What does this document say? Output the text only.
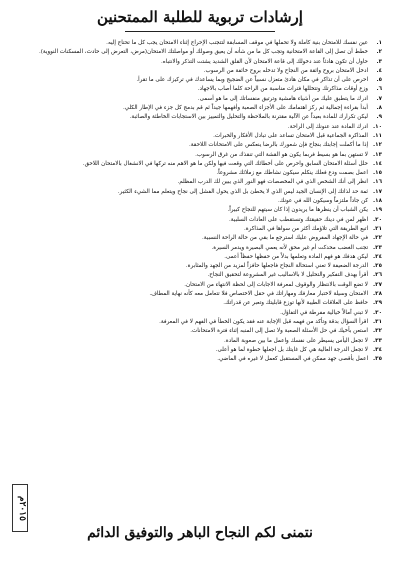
إرشادات تربوية للطلبة الممتحنين
١.
عين نفسك للامتحان بنية كاملة ولا تحملها في موقف المسابقة لتتجنب الإحراج إثناء الامتحان يجب كل ما تحتاج إليه.
٢.
خطط أن تصل إلى القاعة الامتحانية وتجب كل ما من شأنه أن يعيق وصولك أو مواصلتك الامتحان(مرض، التعرض إلى حادث، المسكنات النووية).
٣.
حاول أن تكون هادئاً عند دخولك إلى قاعة الامتحان لأن القلق الشديد يشتت التذكر والانتباه.
٤.
ادخل الامتحان بروح واثقة من النجاح ولا تدخله بروح خائفة من الرسوب.
٥.
احرص على أن تذاكر في مكان هادئ متعزل نسبياً عن الضجيج وبما يساعدك في تركيزك على ما تقرأ.
٦.
وزع أوقات مذاكرتك وتتخللها فترات مناسبة من الراحة كلما أصاب بالاجهاد.
٧.
ادرك ما يتطبق عليك من أشياء هامشية وترتيق منفساتك إلى ما هو أسمى.
٨.
أبدأ بقراءة إجمالية ثم ركز اهتمامك على الأجزاء الصعبة وأفهمها جيداً ثم قم بدمج كل جزء في الإطار الكلي.
٩.
ليكن تكرارك للمادة بعيداً عن الآلية مقترنة بالملاحظة والتحليل والتمييز بين الاستجابات الخاطئة والصائبة.
١٠.
ادرك المادة عند عنونك إلى الراحة.
١١.
المذاكرة الجماعية قبل الامتحان تساعد على تبادل الأفكار والخبرات.
١٢.
إذا ما أكملت إجابتك بنجاح فإن شعورك بالرضا ينعكس على الامتحانات اللاحقة.
١٣.
لا تستهن بما هو بسيط فربما يكون هو القشة التي تنقذك من غرق الرسوب.
١٤.
حلل أسئلة الامتحان السابق واحرص على أخطائك التي وقعت فيها ولكن ما هو الاهم منه تركها في الانشغال بالامتحان اللاحق.
١٥.
اعمل بصمت ودع فعلك ينكلم سيكون نشاطك مع زملائك مشروعاً.
١٦.
انظر إلى أنك الشخص الذي في المخصصات فهو النور الذي يبين لك الدرب المظلم.
١٧.
ثمة حد لذاتك إلى الإنسان الجيد ليس الذي لا يخطئ بل الذي يحول الفشل إلى نجاح ويتعلم مما الشيء الكثير.
١٨.
كن جاداً ملتزماً وسيكون الله في عونك.
١٩.
يكن الشباب أن ينظرها ما يريدون إذا كان سيتهم للنجاح كبيراً.
٢٠.
اظهر لمن في دينك حقيقتك وتستقطب على العادات السلبية.
٢١.
اتبع الطريقة التي تلاؤمك أكثر من سواها في المذاكرة.
٢٢.
في حالة الإجهاد المفروض عليك استرجع ما بقي من حالة الراحة النسبية.
٢٣.
تجنب الغضب محدكت أم غير محق لأنه يعمي البصيرة ويدمر السيرة.
٢٤.
ليكن هدفك هو فهم المادة وتعلمها بدلاً من حفظها حفظاً أعمى.
٢٥.
الدرجة الضعيفة لا تعني استحالة النجاح فاجعلها حافزاً لمزيد من الجهد والمثابرة.
٢٦.
أقرأ بهدف التفكير والتحليل لا بالاساليب غير المشروعة لتحقيق النجاح.
٢٧.
لا تضع الوقت بالانتظار والوقوف لمعرفة الاجابات إلى لحظة الانتهاء من الامتحان.
٢٨.
الامتحان وسيلة لاختبار معارفك ومهاراتك في حقل الاختصاص فلا تتعامل معه كأنه نهاية المطاف.
٢٩.
حافظ على العلاقات الطيبة لأنها توزع قابليتك وتعبر عن قدراتك.
٣٠.
لا تبني آمالاً خيالية مفرطة في التفاؤل.
٣١.
اقرأ السؤال بدقة وتأكد من فهمه قبل الإجابة عنه فقد يكون الخطأ في الفهم لا في المعرفة.
٣٢.
استعن بأخيك في حل الأسئلة الصعبة ولا تصل إلى المنبه إثناء فترة الامتحانات.
٣٣.
لا تجعل اليأس يسيطر على نفسك واعمل ما بين صعوبة المادة.
٣٤.
لا تجعل الدرجة العالية هي كل غايتك بل اجعلها خطوة لما هو أعلى.
٣٥.
اعمل بأقصى جهد ممكن في المستقبل كعمل لا غيره في الماضي.
نتمنى لكم النجاح الباهر والتوفيق الدائم
٢٠١٥م
